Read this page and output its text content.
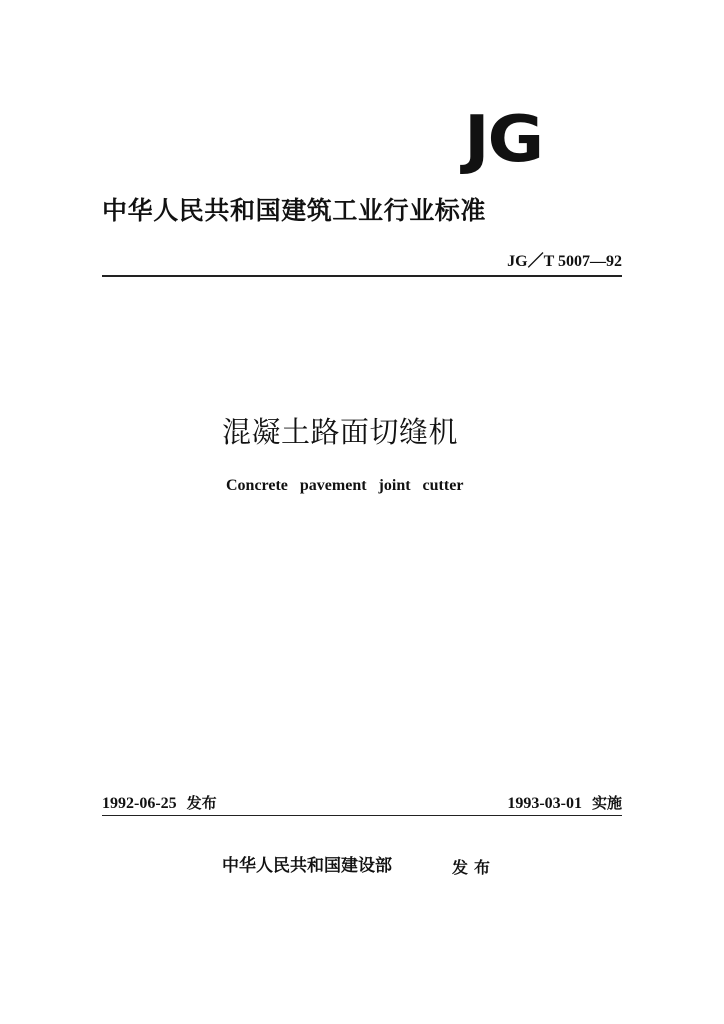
JG
中华人民共和国建筑工业行业标准
JG／T 5007—92
混凝土路面切缝机
Concrete pavement joint cutter
1992-06-25 发布	1993-03-01 实施
中华人民共和国建设部	发布
